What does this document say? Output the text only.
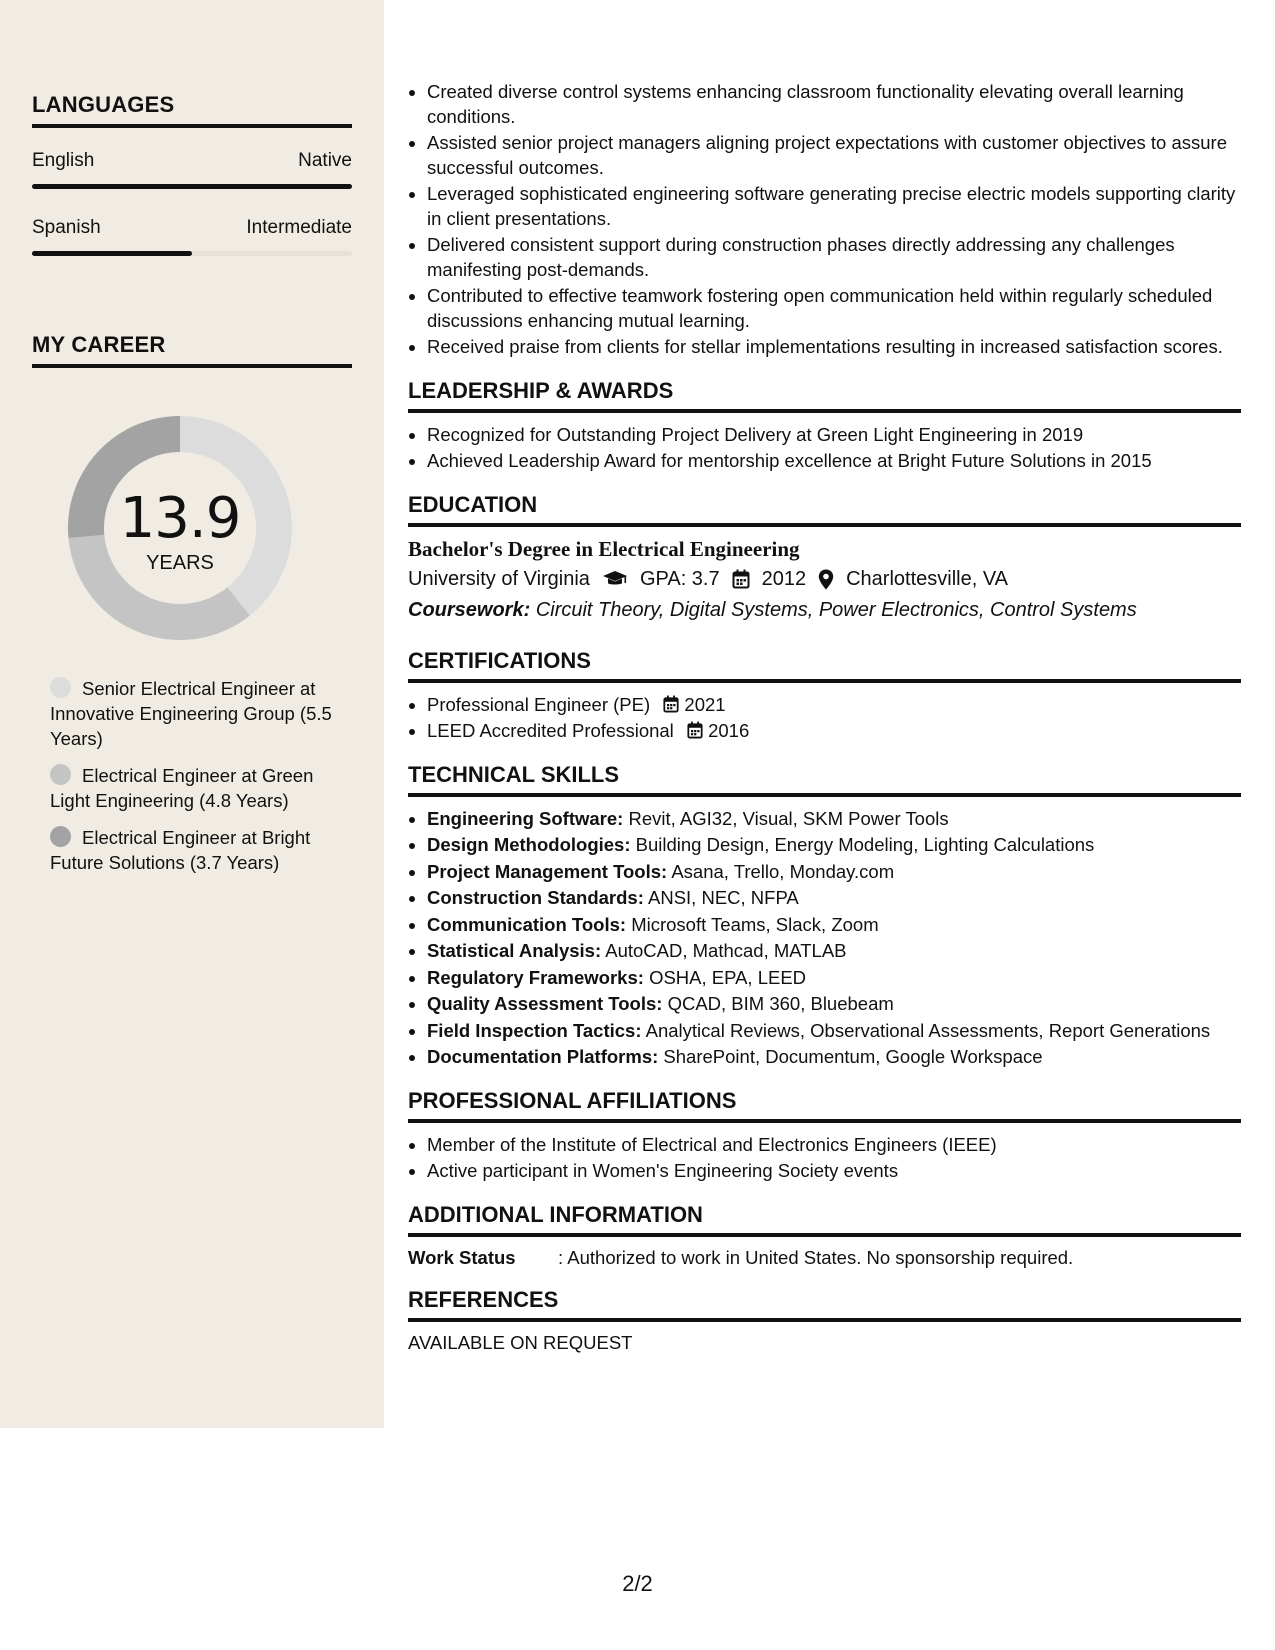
LANGUAGES
English	Native
Spanish	Intermediate
MY CAREER
13.9
YEARS
Senior Electrical Engineer at Innovative Engineering Group (5.5 Years)
Electrical Engineer at Green Light Engineering (4.8 Years)
Electrical Engineer at Bright Future Solutions (3.7 Years)
• Created diverse control systems enhancing classroom functionality elevating overall learning conditions.
• Assisted senior project managers aligning project expectations with customer objectives to assure successful outcomes.
• Leveraged sophisticated engineering software generating precise electric models supporting clarity in client presentations.
• Delivered consistent support during construction phases directly addressing any challenges manifesting post-demands.
• Contributed to effective teamwork fostering open communication held within regularly scheduled discussions enhancing mutual learning.
• Received praise from clients for stellar implementations resulting in increased satisfaction scores.
LEADERSHIP & AWARDS
• Recognized for Outstanding Project Delivery at Green Light Engineering in 2019
• Achieved Leadership Award for mentorship excellence at Bright Future Solutions in 2015
EDUCATION
Bachelor's Degree in Electrical Engineering
University of Virginia	GPA: 3.7 2012 Charlottesville, VA
Coursework: Circuit Theory, Digital Systems, Power Electronics, Control Systems
CERTIFICATIONS
• Professional Engineer (PE) 2021
• LEED Accredited Professional 2016
TECHNICAL SKILLS
• Engineering Software: Revit, AGI32, Visual, SKM Power Tools
• Design Methodologies: Building Design, Energy Modeling, Lighting Calculations
• Project Management Tools: Asana, Trello, Monday.com
• Construction Standards: ANSI, NEC, NFPA
• Communication Tools: Microsoft Teams, Slack, Zoom
• Statistical Analysis: AutoCAD, Mathcad, MATLAB
• Regulatory Frameworks: OSHA, EPA, LEED
• Quality Assessment Tools: QCAD, BIM 360, Bluebeam
• Field Inspection Tactics: Analytical Reviews, Observational Assessments, Report Generations
• Documentation Platforms: SharePoint, Documentum, Google Workspace
PROFESSIONAL AFFILIATIONS
• Member of the Institute of Electrical and Electronics Engineers (IEEE)
• Active participant in Women's Engineering Society events
ADDITIONAL INFORMATION
Work Status	: Authorized to work in United States. No sponsorship required.
REFERENCES
AVAILABLE ON REQUEST
2/2
